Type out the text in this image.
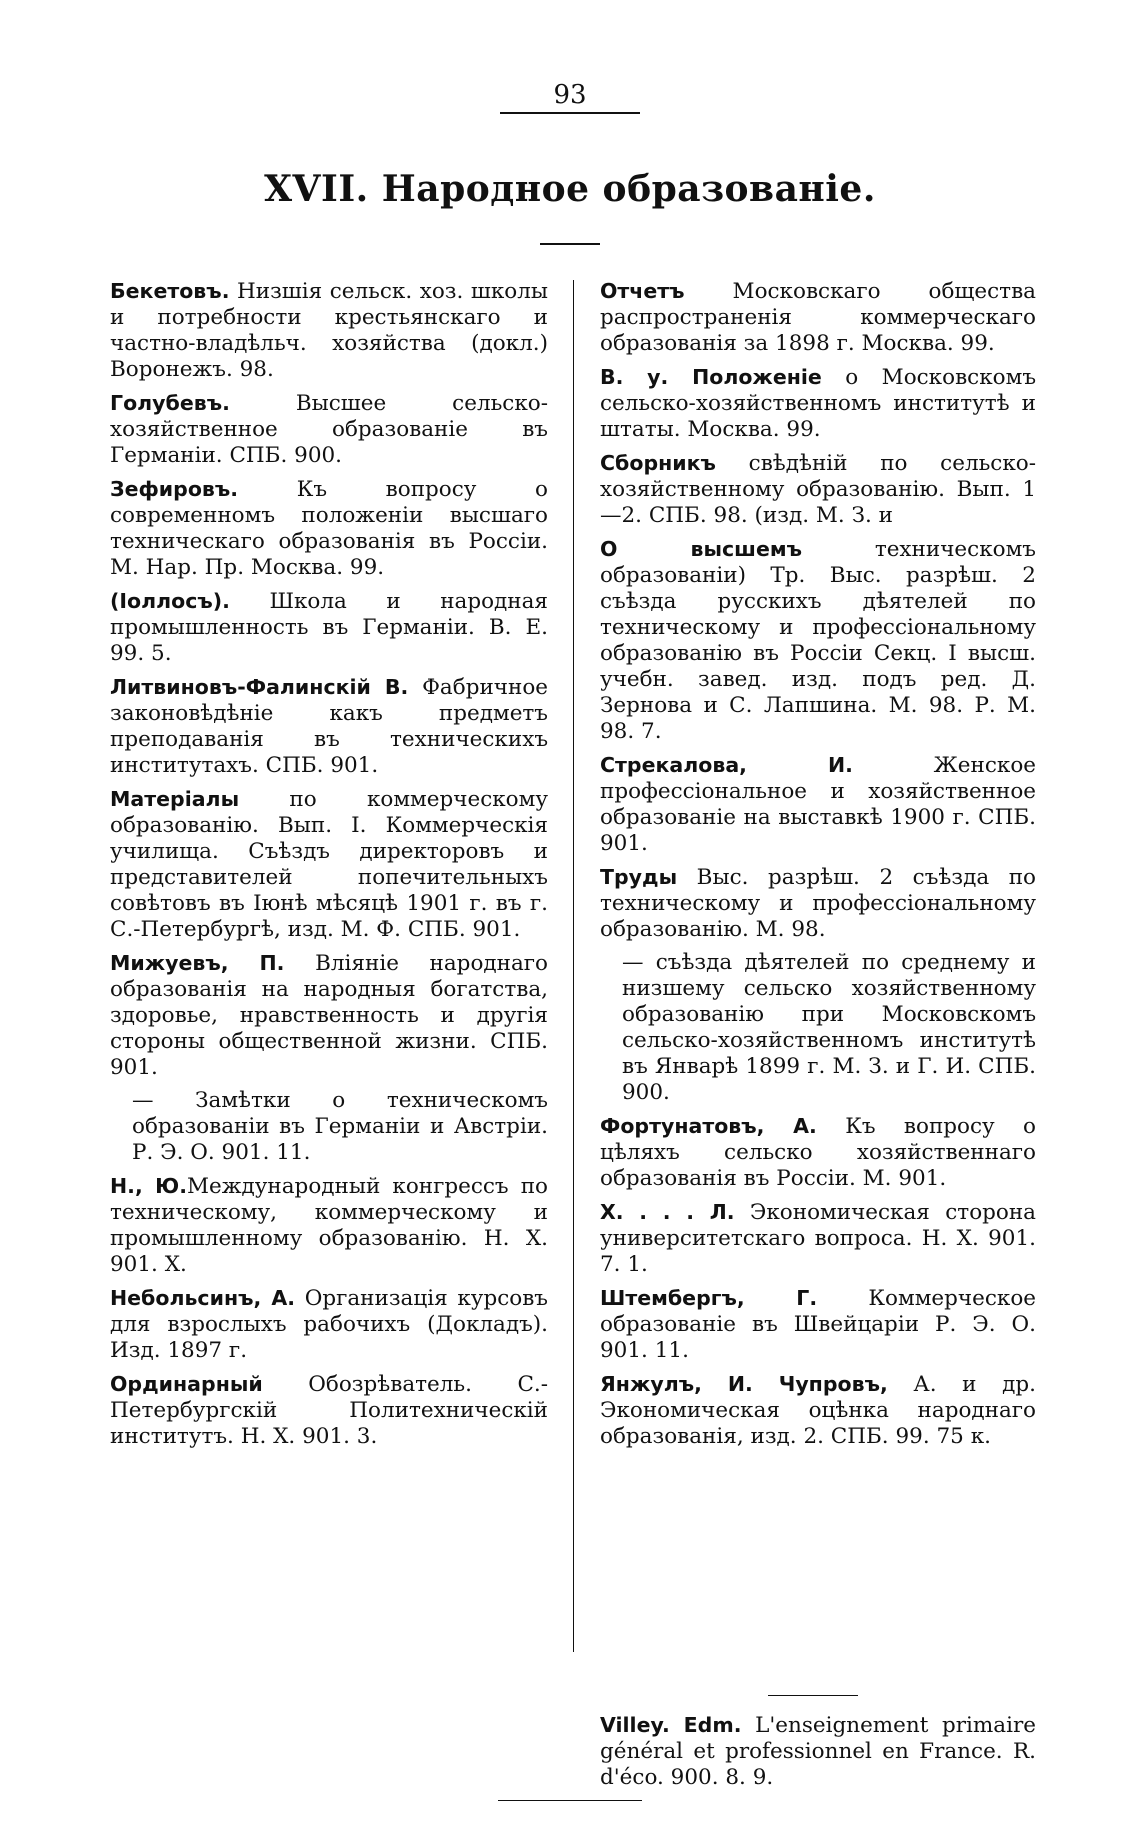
93
XVII. Народное образованіе.
Бекетовъ. Низшія сельск. хоз. школы и потребности крестьянскаго и частно-владѣльч. хозяйства (докл.) Воронежъ. 98.
Голубевъ. Высшее сельско-хозяйственное образованіе въ Германіи. СПБ. 900.
Зефировъ. Къ вопросу о современномъ положеніи высшаго техническаго образованія въ Россіи. М. Нар. Пр. Москва. 99.
(Іоллосъ). Школа и народная промышленность въ Германіи. В. Е. 99. 5.
Литвиновъ-Фалинскій В. Фабричное законовѣдѣніе какъ предметъ преподаванія въ техническихъ институтахъ. СПБ. 901.
Матеріалы по коммерческому образованію. Вып. I. Коммерческія училища. Съѣздъ директоровъ и представителей попечительныхъ совѣтовъ въ Іюнѣ мѣсяцѣ 1901 г. въ г. С.-Петербургѣ, изд. М. Ф. СПБ. 901.
Мижуевъ, П. Вліяніе народнаго образованія на народныя богатства, здоровье, нравственность и другія стороны общественной жизни. СПБ. 901.
— Замѣтки о техническомъ образованіи въ Германіи и Австріи. Р. Э. О. 901. 11.
Н., Ю.Международный конгрессъ по техническому, коммерческому и промышленному образованію. Н. Х. 901. Х.
Небольсинъ, А. Организація курсовъ для взрослыхъ рабочихъ (Докладъ). Изд. 1897 г.
Ординарный Обозрѣватель. С.-Петербургскій Политехническій институтъ. Н. Х. 901. 3.
Отчетъ Московскаго общества распространенія коммерческаго образованія за 1898 г. Москва. 99.
В. у. Положеніе о Московскомъ сельско-хозяйственномъ институтѣ и штаты. Москва. 99.
Сборникъ свѣдѣній по сельско-хозяйственному образованію. Вып. 1—2. СПБ. 98. (изд. М. З. и
О высшемъ техническомъ образованіи) Тр. Выс. разрѣш. 2 съѣзда русскихъ дѣятелей по техническому и профессіональному образованію въ Россіи Секц. I высш. учебн. завед. изд. подъ ред. Д. Зернова и С. Лапшина. М. 98. Р. М. 98. 7.
Стрекалова, И. Женское профессіональное и хозяйственное образованіе на выставкѣ 1900 г. СПБ. 901.
Труды Выс. разрѣш. 2 съѣзда по техническому и профессіональному образованію. М. 98.
— съѣзда дѣятелей по среднему и низшему сельско хозяйственному образованію при Московскомъ сельско-хозяйственномъ институтѣ въ Январѣ 1899 г. М. З. и Г. И. СПБ. 900.
Фортунатовъ, А. Къ вопросу о цѣляхъ сельско хозяйственнаго образованія въ Россіи. М. 901.
Х. . . . Л. Экономическая сторона университетскаго вопроса. Н. Х. 901. 7. 1.
Штембергъ, Г. Коммерческое образованіе въ Швейцаріи Р. Э. О. 901. 11.
Янжулъ, И. Чупровъ, А. и др. Экономическая оцѣнка народнаго образованія, изд. 2. СПБ. 99. 75 к.
Villey. Edm. L'enseignement primaire général et professionnel en France. R. d'éco. 900. 8. 9.
